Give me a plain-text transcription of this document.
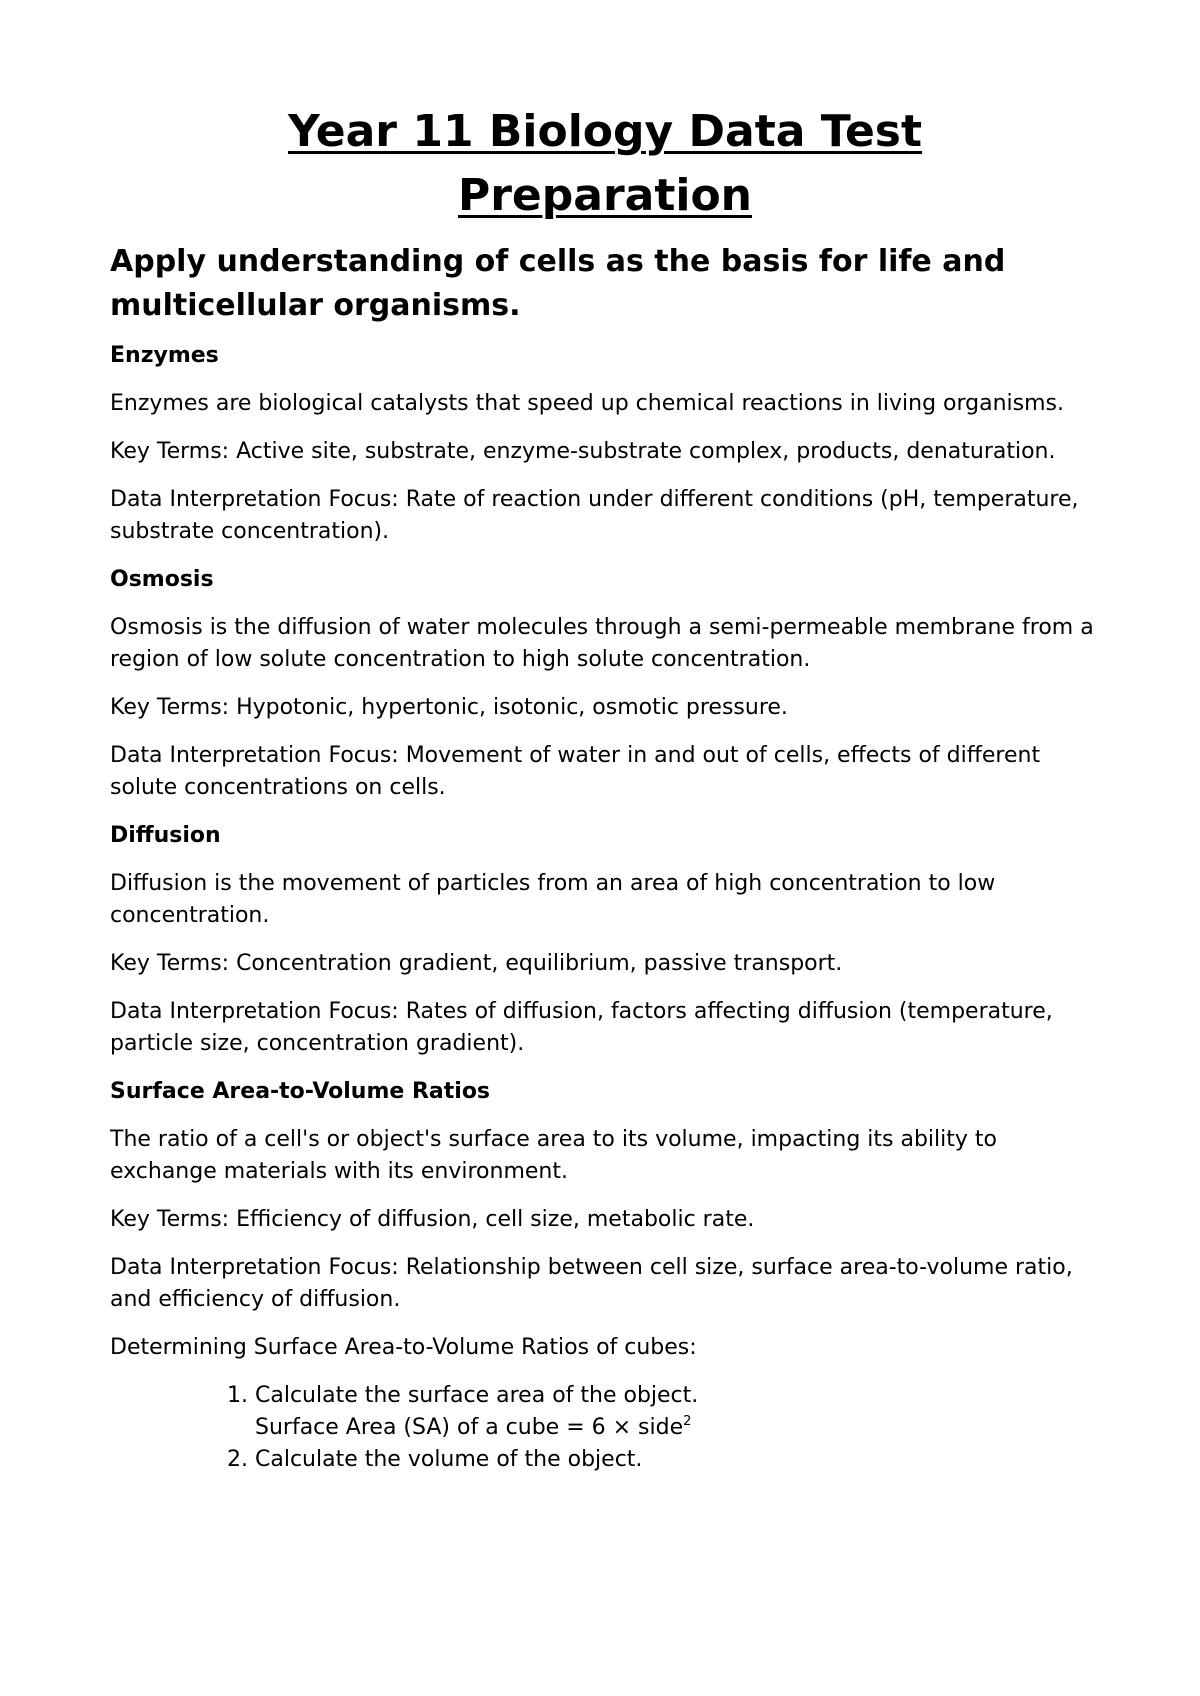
Year 11 Biology Data Test Preparation
Apply understanding of cells as the basis for life and multicellular organisms.
Enzymes

Enzymes are biological catalysts that speed up chemical reactions in living organisms.

Key Terms: Active site, substrate, enzyme-substrate complex, products, denaturation.

Data Interpretation Focus: Rate of reaction under different conditions (pH, temperature, substrate concentration).

Osmosis

Osmosis is the diffusion of water molecules through a semi-permeable membrane from a region of low solute concentration to high solute concentration.

Key Terms: Hypotonic, hypertonic, isotonic, osmotic pressure.

Data Interpretation Focus: Movement of water in and out of cells, effects of different solute concentrations on cells.

Diffusion

Diffusion is the movement of particles from an area of high concentration to low concentration.

Key Terms: Concentration gradient, equilibrium, passive transport.

Data Interpretation Focus: Rates of diffusion, factors affecting diffusion (temperature, particle size, concentration gradient).

Surface Area-to-Volume Ratios

The ratio of a cell's or object's surface area to its volume, impacting its ability to exchange materials with its environment.

Key Terms: Efficiency of diffusion, cell size, metabolic rate.

Data Interpretation Focus: Relationship between cell size, surface area-to-volume ratio, and efficiency of diffusion.

Determining Surface Area-to-Volume Ratios of cubes:

1. Calculate the surface area of the object.
Surface Area (SA) of a cube = 6 × side$^2$
2. Calculate the volume of the object.
